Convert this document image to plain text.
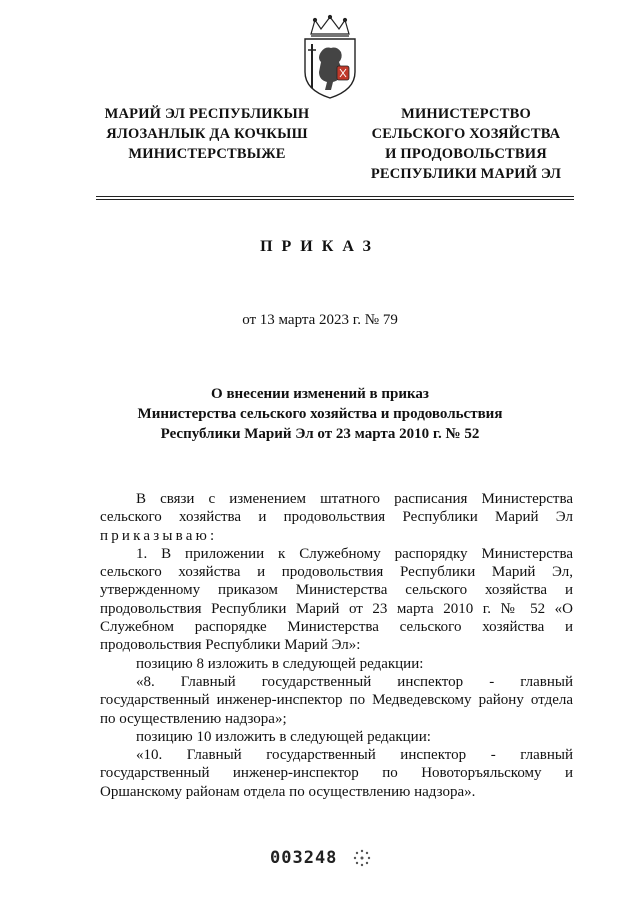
МАРИЙ ЭЛ РЕСПУБЛИКЫН
ЯЛОЗАНЛЫК ДА КОЧКЫШ
МИНИСТЕРСТВЫЖЕ
МИНИСТЕРСТВО
СЕЛЬСКОГО ХОЗЯЙСТВА
И ПРОДОВОЛЬСТВИЯ
РЕСПУБЛИКИ МАРИЙ ЭЛ
ПРИКАЗ
от 13 марта 2023 г. № 79
О внесении изменений в приказ
Министерства сельского хозяйства и продовольствия
Республики Марий Эл от 23 марта 2010 г. № 52

В связи с изменением штатного расписания Министерства сельского хозяйства и продовольствия Республики Марий Эл приказываю:

1. В приложении к Служебному распорядку Министерства сельского хозяйства и продовольствия Республики Марий Эл, утвержденному приказом Министерства сельского хозяйства и продовольствия Республики Марий от 23 марта 2010 г. № 52 «О Служебном распорядке Министерства сельского хозяйства и продовольствия Республики Марий Эл»:

позицию 8 изложить в следующей редакции:

«8. Главный государственный инспектор - главный государственный инженер-инспектор по Медведевскому району отдела по осуществлению надзора»;

позицию 10 изложить в следующей редакции:

«10. Главный государственный инспектор - главный государственный инженер-инспектор по Новоторъяльскому и Оршанскому районам отдела по осуществлению надзора».

003248
